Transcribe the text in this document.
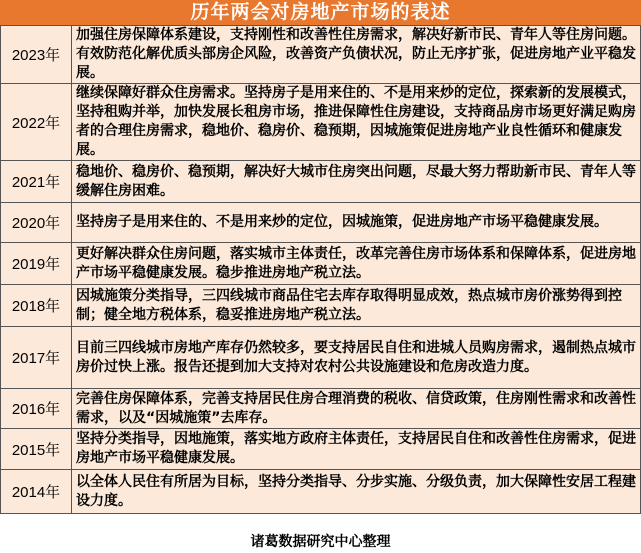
历年两会对房地产市场的表述
2023年	加强住房保障体系建设，支持刚性和改善性住房需求，解决好新市民、青年人等住房问题。有效防范化解优质头部房企风险，改善资产负债状况，防止无序扩张，促进房地产业平稳发展。
2022年	继续保障好群众住房需求。坚持房子是用来住的、不是用来炒的定位，探索新的发展模式，坚持租购并举，加快发展长租房市场，推进保障性住房建设，支持商品房市场更好满足购房者的合理住房需求，稳地价、稳房价、稳预期，因城施策促进房地产业良性循环和健康发展。
2021年	稳地价、稳房价、稳预期，解决好大城市住房突出问题，尽最大努力帮助新市民、青年人等缓解住房困难。
2020年	坚持房子是用来住的、不是用来炒的定位，因城施策，促进房地产市场平稳健康发展。
2019年	更好解决群众住房问题，落实城市主体责任，改革完善住房市场体系和保障体系，促进房地产市场平稳健康发展。稳步推进房地产税立法。
2018年	因城施策分类指导，三四线城市商品住宅去库存取得明显成效，热点城市房价涨势得到控制；健全地方税体系，稳妥推进房地产税立法。
2017年	目前三四线城市房地产库存仍然较多，要支持居民自住和进城人员购房需求，遏制热点城市房价过快上涨。报告还提到加大支持对农村公共设施建设和危房改造力度。
2016年	完善住房保障体系，完善支持居民住房合理消费的税收、信贷政策，住房刚性需求和改善性需求，以及“因城施策”去库存。
2015年	坚持分类指导，因地施策，落实地方政府主体责任，支持居民自住和改善性住房需求，促进房地产市场平稳健康发展。
2014年	以全体人民住有所居为目标，坚持分类指导、分步实施、分级负责，加大保障性安居工程建设力度。
诸葛数据研究中心整理
